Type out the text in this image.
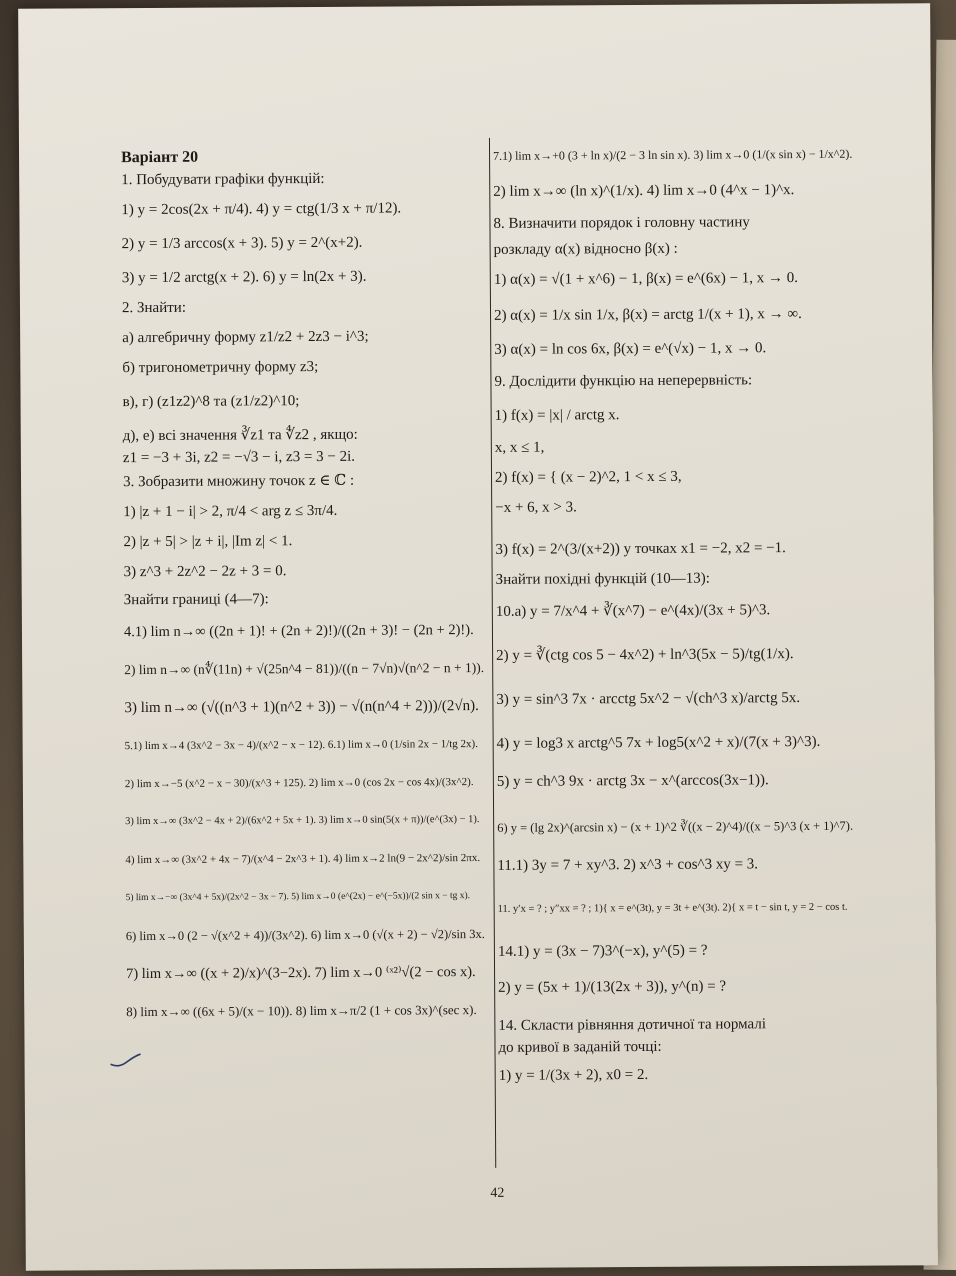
Варіант 20
1. Побудувати графіки функцій:
1) y = 2cos(2x + π/4). 4) y = ctg(1/3 x + π/12).
2) y = 1/3 arccos(x + 3). 5) y = 2^(x+2).
3) y = 1/2 arctg(x + 2). 6) y = ln(2x + 3).
2. Знайти:
а) алгебричну форму z1/z2 + 2z3 − i^3;
б) тригонометричну форму z3;
в), г) (z1z2)^8 та (z1/z2)^10;
д), е) всі значення ∛z1 та ∜z2 , якщо:
z1 = −3 + 3i, z2 = −√3 − i, z3 = 3 − 2i.
3. Зобразити множину точок z ∈ ℂ :
1) |z + 1 − i| > 2, π/4 < arg z ≤ 3π/4.
2) |z + 5| > |z + i|, |Im z| < 1.
3) z^3 + 2z^2 − 2z + 3 = 0.
Знайти границі (4—7):
4.1) lim n→∞ ((2n + 1)! + (2n + 2)!)/((2n + 3)! − (2n + 2)!).
2) lim n→∞ (n∜(11n) + √(25n^4 − 81))/((n − 7√n)√(n^2 − n + 1)).
3) lim n→∞ (√((n^3 + 1)(n^2 + 3)) − √(n(n^4 + 2)))/(2√n).
5.1) lim x→4 (3x^2 − 3x − 4)/(x^2 − x − 12). 6.1) lim x→0 (1/sin 2x − 1/tg 2x).
2) lim x→−5 (x^2 − x − 30)/(x^3 + 125). 2) lim x→0 (cos 2x − cos 4x)/(3x^2).
3) lim x→∞ (3x^2 − 4x + 2)/(6x^2 + 5x + 1). 3) lim x→0 sin(5(x + π))/(e^(3x) − 1).
4) lim x→∞ (3x^2 + 4x − 7)/(x^4 − 2x^3 + 1). 4) lim x→2 ln(9 − 2x^2)/sin 2πx.
5) lim x→−∞ (3x^4 + 5x)/(2x^2 − 3x − 7). 5) lim x→0 (e^(2x) − e^(−5x))/(2 sin x − tg x).
6) lim x→0 (2 − √(x^2 + 4))/(3x^2). 6) lim x→0 (√(x + 2) − √2)/sin 3x.
7) lim x→∞ ((x + 2)/x)^(3−2x). 7) lim x→0 ⁽ˣ²⁾√(2 − cos x).
8) lim x→∞ ((6x + 5)/(x − 10)). 8) lim x→π/2 (1 + cos 3x)^(sec x).
7.1) lim x→+0 (3 + ln x)/(2 − 3 ln sin x). 3) lim x→0 (1/(x sin x) − 1/x^2).
2) lim x→∞ (ln x)^(1/x). 4) lim x→0 (4^x − 1)^x.
8. Визначити порядок і головну частину
розкладу α(x) відносно β(x) :
1) α(x) = √(1 + x^6) − 1, β(x) = e^(6x) − 1, x → 0.
2) α(x) = 1/x sin 1/x, β(x) = arctg 1/(x + 1), x → ∞.
3) α(x) = ln cos 6x, β(x) = e^(√x) − 1, x → 0.
9. Дослідити функцію на неперервність:
1) f(x) = |x| / arctg x.
x, x ≤ 1,
2) f(x) = { (x − 2)^2, 1 < x ≤ 3,
−x + 6, x > 3.
3) f(x) = 2^(3/(x+2)) у точках x1 = −2, x2 = −1.
Знайти похідні функцій (10—13):
10.а) y = 7/x^4 + ∛(x^7) − e^(4x)/(3x + 5)^3.
2) y = ∛(ctg cos 5 − 4x^2) + ln^3(5x − 5)/tg(1/x).
3) y = sin^3 7x · arcctg 5x^2 − √(ch^3 x)/arctg 5x.
4) y = log3 x arctg^5 7x + log5(x^2 + x)/(7(x + 3)^3).
5) y = ch^3 9x · arctg 3x − x^(arccos(3x−1)).
6) y = (lg 2x)^(arcsin x) − (x + 1)^2 ∛((x − 2)^4)/((x − 5)^3 (x + 1)^7).
11.1) 3y = 7 + xy^3. 2) x^3 + cos^3 xy = 3.
11. y′x = ? ; y″xx = ? ; 1){ x = e^(3t), y = 3t + e^(3t). 2){ x = t − sin t, y = 2 − cos t.
14.1) y = (3x − 7)3^(−x), y^(5) = ?
2) y = (5x + 1)/(13(2x + 3)), y^(n) = ?
14. Скласти рівняння дотичної та нормалі
до кривої в заданій точці:
1) y = 1/(3x + 2), x0 = 2.
42
